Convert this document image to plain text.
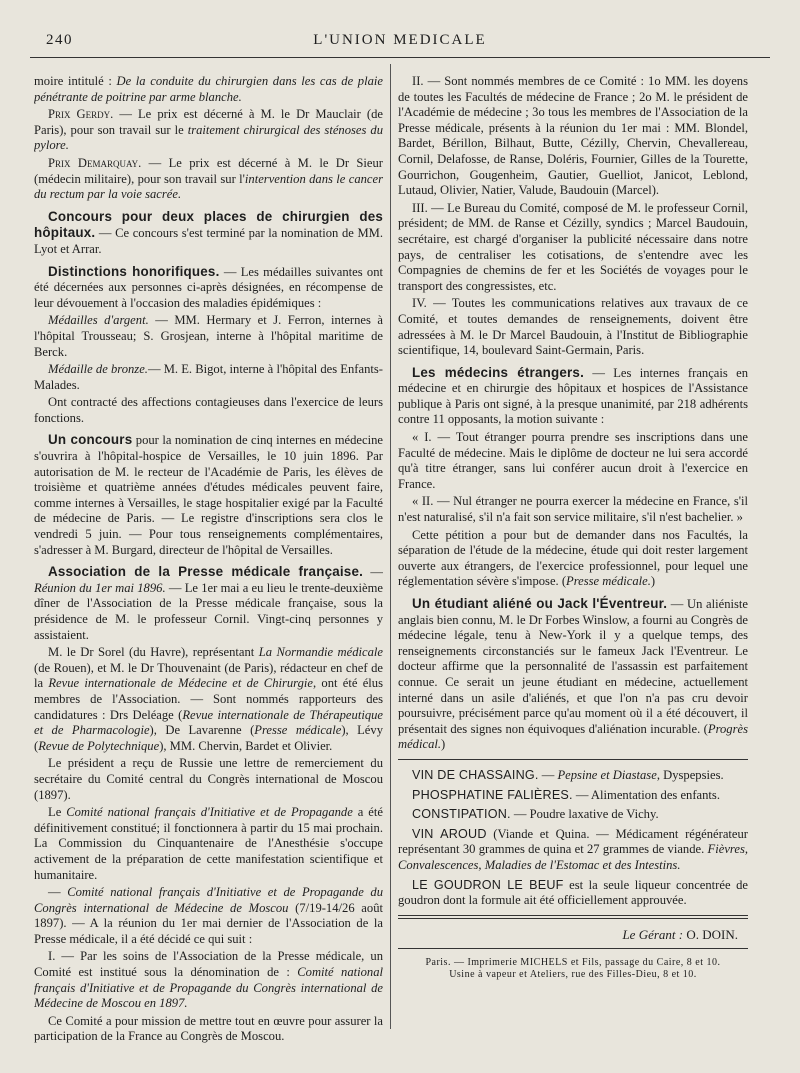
240	L'UNION MEDICALE

moire intitulé : De la conduite du chirurgien dans les cas de plaie pénétrante de poitrine par arme blanche.

Prix Gerdy. — Le prix est décerné à M. le Dr Mauclair (de Paris), pour son travail sur le traitement chirurgical des sténoses du pylore.

Prix Demarquay. — Le prix est décerné à M. le Dr Sieur (médecin militaire), pour son travail sur l'intervention dans le cancer du rectum par la voie sacrée.

Concours pour deux places de chirurgien des hôpitaux. — Ce concours s'est terminé par la nomination de MM. Lyot et Arrar.

Distinctions honorifiques. — Les médailles suivantes ont été décernées aux personnes ci-après désignées, en récompense de leur dévouement à l'occasion des maladies épidémiques :

Médailles d'argent. — MM. Hermary et J. Ferron, internes à l'hôpital Trousseau; S. Grosjean, interne à l'hôpital maritime de Berck.

Médaille de bronze.— M. E. Bigot, interne à l'hôpital des Enfants-Malades.

Ont contracté des affections contagieuses dans l'exercice de leurs fonctions.

Un concours pour la nomination de cinq internes en médecine s'ouvrira à l'hôpital-hospice de Versailles, le 10 juin 1896. Par autorisation de M. le recteur de l'Académie de Paris, les élèves de troisième et quatrième années d'études médicales peuvent faire, comme internes à Versailles, le stage hospitalier exigé par la Faculté de médecine de Paris. — Le registre d'inscriptions sera clos le vendredi 5 juin. — Pour tous renseignements complémentaires, s'adresser à M. Burgard, directeur de l'hôpital de Versailles.

Association de la Presse médicale française. — Réunion du 1er mai 1896. — Le 1er mai a eu lieu le trente-deuxième dîner de l'Association de la Presse médicale française, sous la présidence de M. le professeur Cornil. Vingt-cinq personnes y assistaient.

M. le Dr Sorel (du Havre), représentant La Normandie médicale (de Rouen), et M. le Dr Thouvenaint (de Paris), rédacteur en chef de la Revue internationale de Médecine et de Chirurgie, ont été élus membres de l'Association. — Sont nommés rapporteurs des candidatures : Drs Deléage (Revue internationale de Thérapeutique et de Pharmacologie), De Lavarenne (Presse médicale), Lévy (Revue de Polytechnique), MM. Chervin, Bardet et Olivier.

Le président a reçu de Russie une lettre de remerciement du secrétaire du Comité central du Congrès international de Moscou (1897).

Le Comité national français d'Initiative et de Propagande a été définitivement constitué; il fonctionnera à partir du 15 mai prochain. La Commission du Cinquantenaire de l'Anesthésie s'occupe activement de la préparation de cette manifestation scientifique et humanitaire.

— Comité national français d'Initiative et de Propagande du Congrès international de Médecine de Moscou (7/19-14/26 août 1897). — A la réunion du 1er mai dernier de l'Association de la Presse médicale, il a été décidé ce qui suit :

I. — Par les soins de l'Association de la Presse médicale, un Comité est institué sous la dénomination de : Comité national français d'Initiative et de Propagande du Congrès international de Médecine de Moscou en 1897.

Ce Comité a pour mission de mettre tout en œuvre pour assurer la participation de la France au Congrès de Moscou.

II. — Sont nommés membres de ce Comité : 1o MM. les doyens de toutes les Facultés de médecine de France ; 2o M. le président de l'Académie de médecine ; 3o tous les membres de l'Association de la Presse médicale, présents à la réunion du 1er mai : MM. Blondel, Bardet, Bérillon, Bilhaut, Butte, Cézilly, Chervin, Chevallereau, Cornil, Delafosse, de Ranse, Doléris, Fournier, Gilles de la Tourette, Gourrichon, Gougenheim, Gautier, Guelliot, Janicot, Leblond, Lutaud, Olivier, Natier, Valude, Baudouin (Marcel).

III. — Le Bureau du Comité, composé de M. le professeur Cornil, président; de MM. de Ranse et Cézilly, syndics ; Marcel Baudouin, secrétaire, est chargé d'organiser la publicité nécessaire dans notre pays, de centraliser les cotisations, de s'entendre avec les Compagnies de chemins de fer et les Sociétés de voyages pour le transport des congressistes, etc.

IV. — Toutes les communications relatives aux travaux de ce Comité, et toutes demandes de renseignements, doivent être adressées à M. le Dr Marcel Baudouin, à l'Institut de Bibliographie scientifique, 14, boulevard Saint-Germain, Paris.

Les médecins étrangers. — Les internes français en médecine et en chirurgie des hôpitaux et hospices de l'Assistance publique à Paris ont signé, à la presque unanimité, par 218 adhérents contre 11 opposants, la motion suivante :

« I. — Tout étranger pourra prendre ses inscriptions dans une Faculté de médecine. Mais le diplôme de docteur ne lui sera accordé qu'à titre étranger, sans lui conférer aucun droit à l'exercice en France.

« II. — Nul étranger ne pourra exercer la médecine en France, s'il n'est naturalisé, s'il n'a fait son service militaire, s'il n'est bachelier. »

Cette pétition a pour but de demander dans nos Facultés, la séparation de l'étude de la médecine, étude qui doit rester largement ouverte aux étrangers, de l'exercice professionnel, pour lequel une réglementation sévère s'impose. (Presse médicale.)

Un étudiant aliéné ou Jack l'Éventreur. — Un aliéniste anglais bien connu, M. le Dr Forbes Winslow, a fourni au Congrès de médecine légale, tenu à New-York il y a quelque temps, des renseignements circonstanciés sur le fameux Jack l'Eventreur. Le docteur affirme que la personnalité de l'assassin est parfaitement connue. Ce serait un jeune étudiant en médecine, actuellement interné dans un asile d'aliénés, et que l'on n'a pas cru devoir poursuivre, précisément parce qu'au moment où il a été découvert, il présentait des signes non équivoques d'aliénation incurable. (Progrès médical.)

VIN DE CHASSAING. — Pepsine et Diastase, Dyspepsies.

PHOSPHATINE FALIÈRES. — Alimentation des enfants.

CONSTIPATION. — Poudre laxative de Vichy.

VIN AROUD (Viande et Quina. — Médicament régénérateur représentant 30 grammes de quina et 27 grammes de viande. Fièvres, Convalescences, Maladies de l'Estomac et des Intestins.

LE GOUDRON LE BEUF est la seule liqueur concentrée de goudron dont la formule ait été officiellement approuvée.

Le Gérant : O. DOIN.
Paris. — Imprimerie MICHELS et Fils, passage du Caire, 8 et 10.
Usine à vapeur et Ateliers, rue des Filles-Dieu, 8 et 10.
